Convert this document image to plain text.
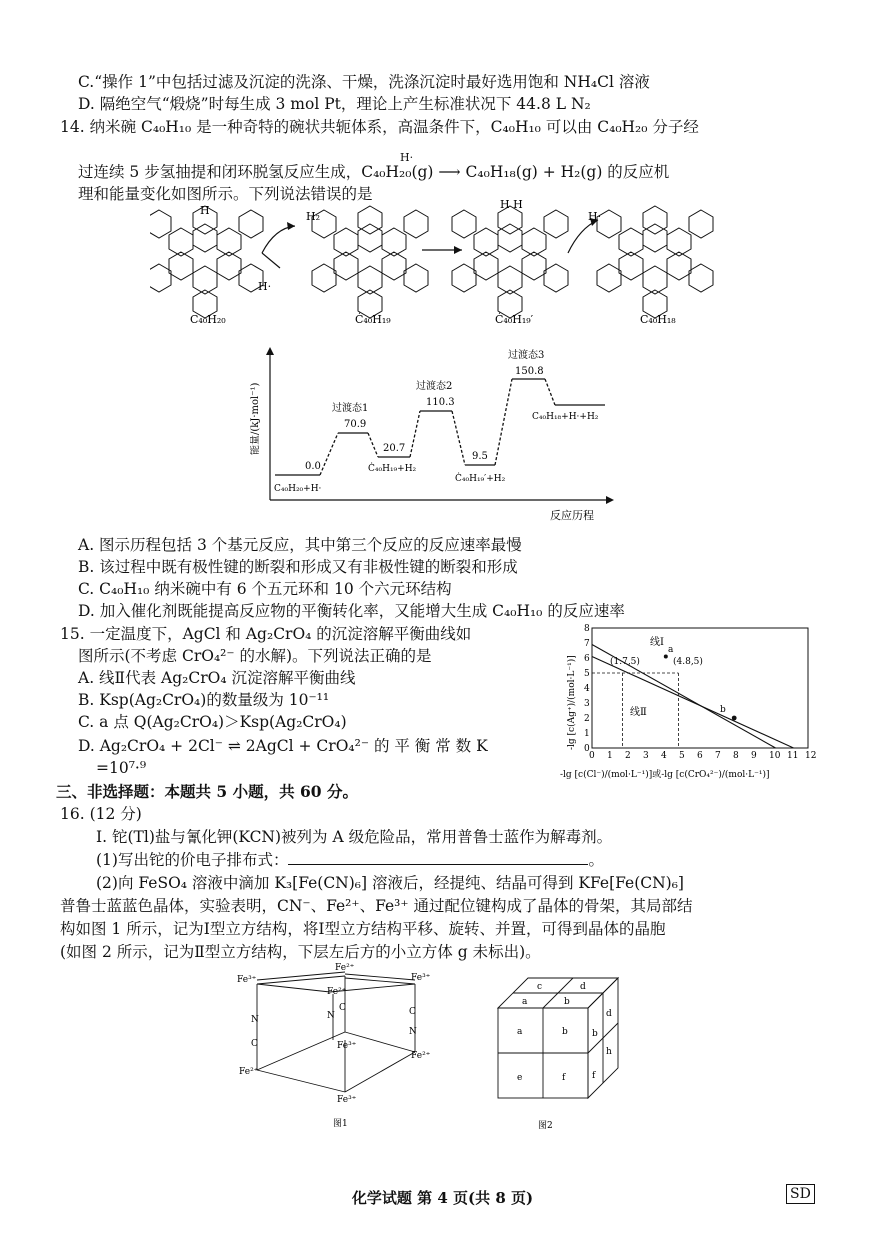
C.“操作 1”中包括过滤及沉淀的洗涤、干燥，洗涤沉淀时最好选用饱和 NH₄Cl 溶液
D. 隔绝空气“煅烧”时每生成 3 mol Pt，理论上产生标准状况下 44.8 L N₂
14. 纳米碗 C₄₀H₁₀ 是一种奇特的碗状共轭体系，高温条件下，C₄₀H₁₀ 可以由 C₄₀H₂₀ 分子经
H·
过连续 5 步氢抽提和闭环脱氢反应生成，C₄₀H₂₀(g) ⟶ C₄₀H₁₈(g) + H₂(g) 的反应机
理和能量变化如图所示。下列说法错误的是
H	H H
H·
H₂	H·
C₄₀H₂₀	Ċ₄₀H₁₉	Ċ₄₀H₁₉′	C₄₀H₁₈
能量/(kJ·mol⁻¹)
反应历程
0.0
C₄₀H₂₀+H·
过渡态1
70.9
20.7
Ċ₄₀H₁₉+H₂
过渡态2
110.3
9.5
Ċ₄₀H₁₉′+H₂
过渡态3
150.8
C₄₀H₁₈+H·+H₂
A. 图示历程包括 3 个基元反应，其中第三个反应的反应速率最慢
B. 该过程中既有极性键的断裂和形成又有非极性键的断裂和形成
C. C₄₀H₁₀ 纳米碗中有 6 个五元环和 10 个六元环结构
D. 加入催化剂既能提高反应物的平衡转化率，又能增大生成 C₄₀H₁₀ 的反应速率
15. 一定温度下，AgCl 和 Ag₂CrO₄ 的沉淀溶解平衡曲线如
图所示(不考虑 CrO₄²⁻ 的水解)。下列说法正确的是
A. 线Ⅱ代表 Ag₂CrO₄ 沉淀溶解平衡曲线
B. Ksp(Ag₂CrO₄)的数量级为 10⁻¹¹
C. a 点 Q(Ag₂CrO₄)＞Ksp(Ag₂CrO₄)
D. Ag₂CrO₄ + 2Cl⁻ ⇌ 2AgCl + CrO₄²⁻ 的 平 衡 常 数 K
=10⁷·⁹
0 1 2 3 4 5 6 7 8 9 10 11 12
0
1
2
3
4
5
6
7
8
线Ⅰ
线Ⅱ
(1.7,5)	(4.8,5)
a
b
-lg [c(Ag⁺)/(mol·L⁻¹)]
-lg [c(Cl⁻)/(mol·L⁻¹)]或-lg [c(CrO₄²⁻)/(mol·L⁻¹)]
三、非选择题：本题共 5 小题，共 60 分。
16. (12 分)
Ⅰ. 铊(Tl)盐与氰化钾(KCN)被列为 A 级危险品，常用普鲁士蓝作为解毒剂。
(1)写出铊的价电子排布式：	。
(2)向 FeSO₄ 溶液中滴加 K₃[Fe(CN)₆] 溶液后，经提纯、结晶可得到 KFe[Fe(CN)₆]
普鲁士蓝蓝色晶体，实验表明，CN⁻、Fe²⁺、Fe³⁺ 通过配位键构成了晶体的骨架，其局部结
构如图 1 所示，记为Ⅰ型立方结构，将Ⅰ型立方结构平移、旋转、并置，可得到晶体的晶胞
(如图 2 所示，记为Ⅱ型立方结构，下层左后方的小立方体 g 未标出)。
Fe³⁺
Fe²⁺
Fe³⁺
Fe²⁺
Fe²⁺
Fe³⁺
Fe²⁺
Fe³⁺
N
C
C
N
N
C
图1
c	d
a	b
a	b	b
d
e	f	f
h
图2
化学试题 第 4 页(共 8 页)	SD
